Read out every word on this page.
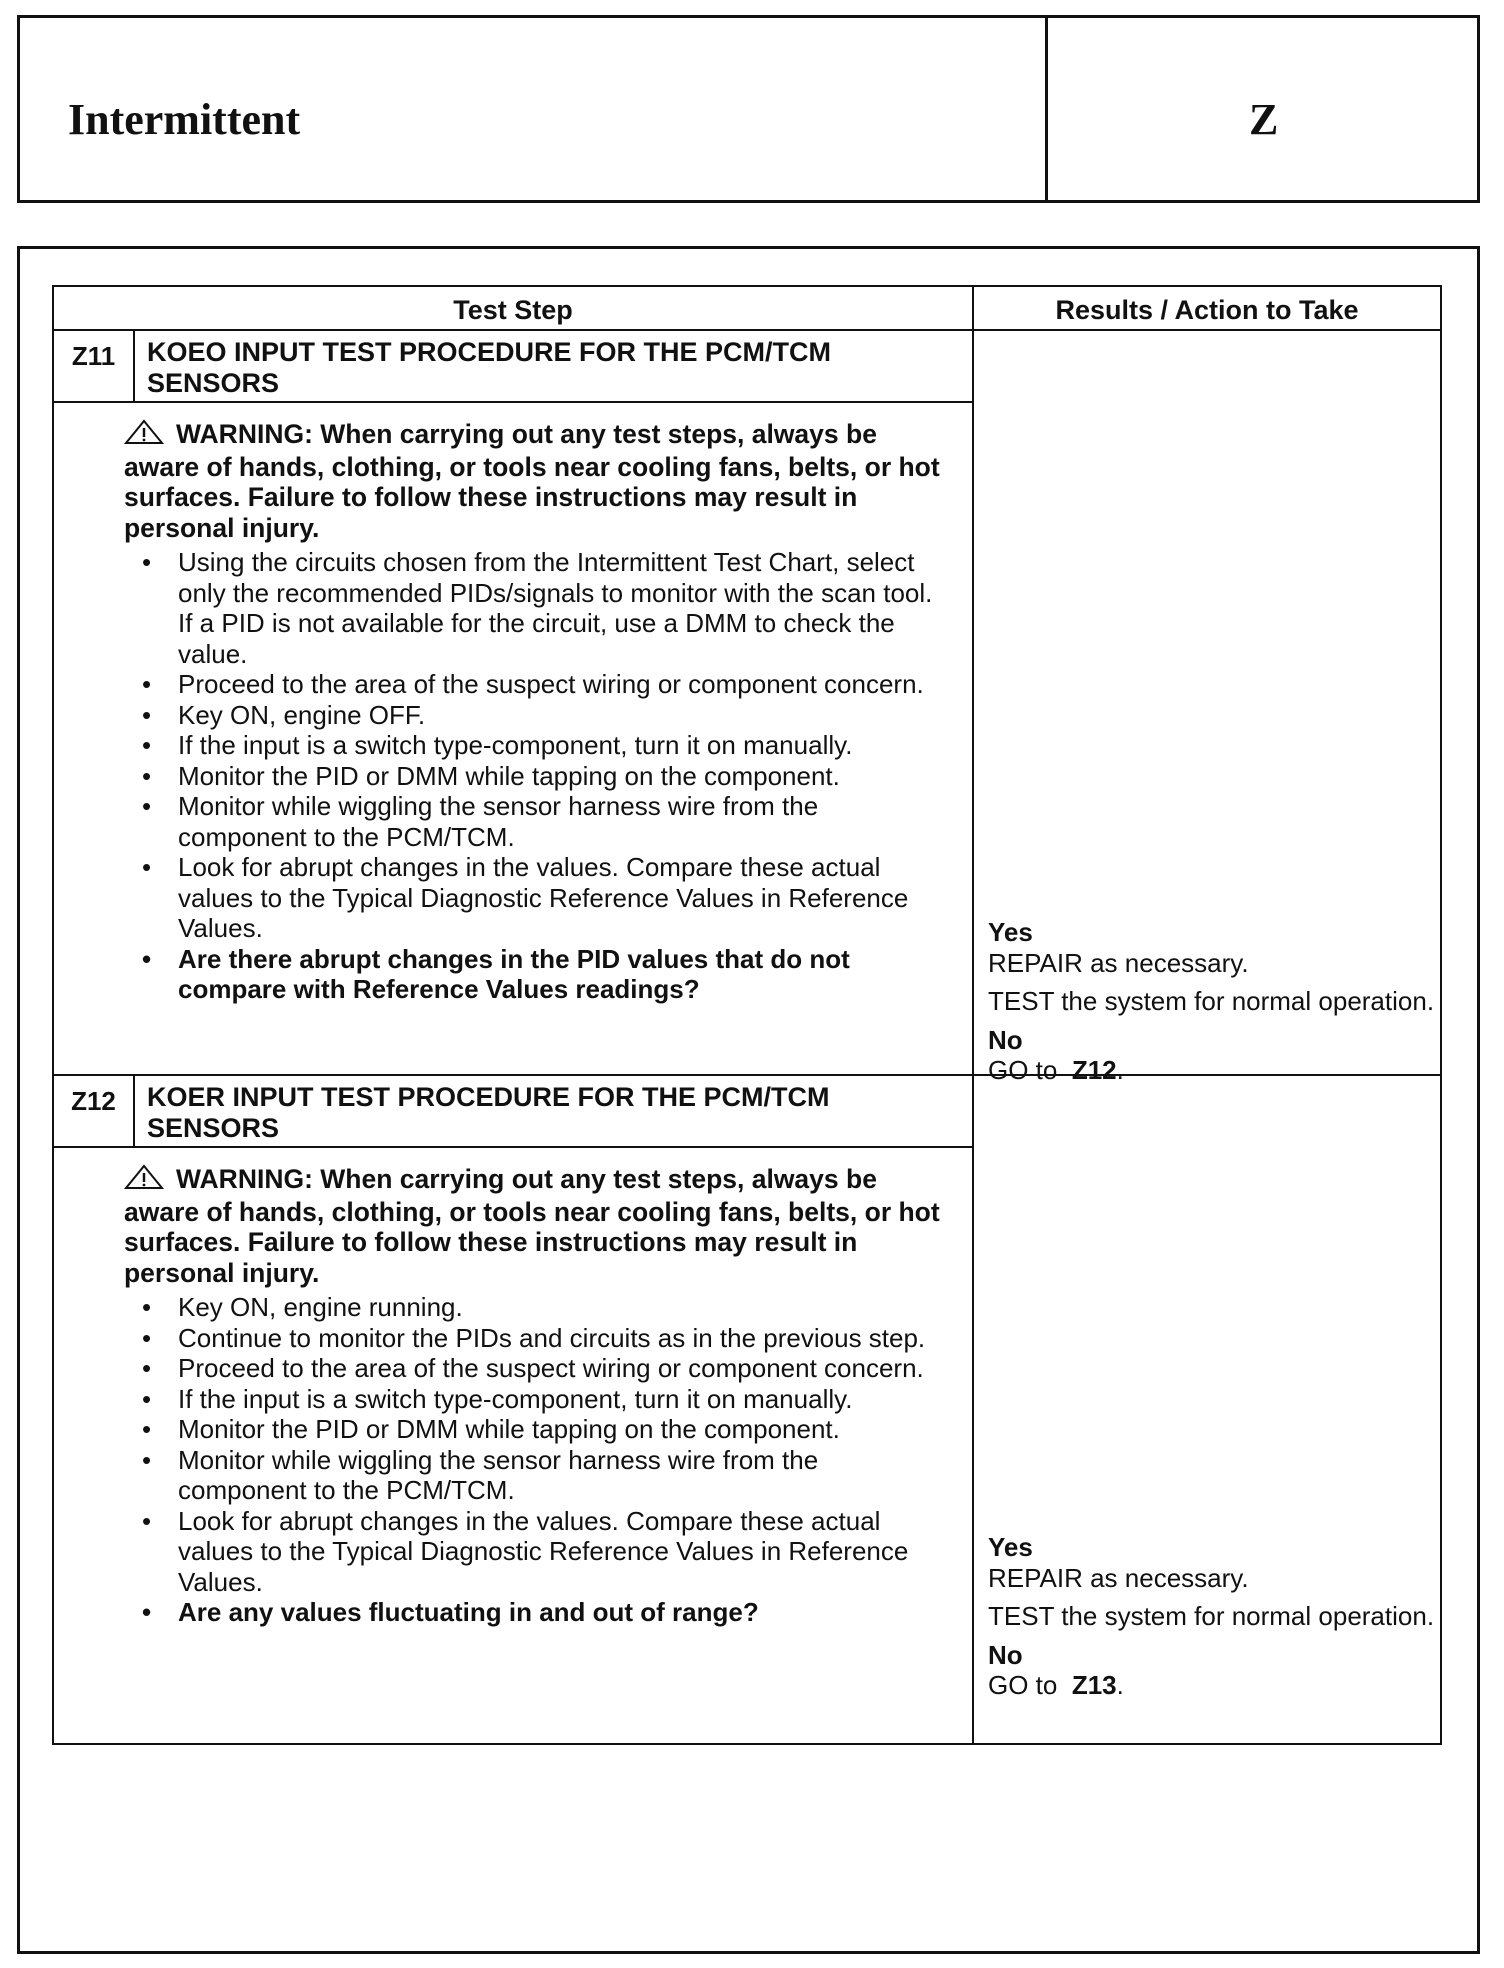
Intermittent	Z
Test Step	Results / Action to Take
Z11	KOEO INPUT TEST PROCEDURE FOR THE PCM/TCM SENSORS
WARNING: When carrying out any test steps, always be aware of hands, clothing, or tools near cooling fans, belts, or hot surfaces. Failure to follow these instructions may result in personal injury.
• Using the circuits chosen from the Intermittent Test Chart, select only the recommended PIDs/signals to monitor with the scan tool. If a PID is not available for the circuit, use a DMM to check the value.
• Proceed to the area of the suspect wiring or component concern.
• Key ON, engine OFF.
• If the input is a switch type-component, turn it on manually.
• Monitor the PID or DMM while tapping on the component.
• Monitor while wiggling the sensor harness wire from the component to the PCM/TCM.
• Look for abrupt changes in the values. Compare these actual values to the Typical Diagnostic Reference Values in Reference Values.
• Are there abrupt changes in the PID values that do not compare with Reference Values readings?
Yes
REPAIR as necessary.
TEST the system for normal operation.
No
GO to Z12.
Z12	KOER INPUT TEST PROCEDURE FOR THE PCM/TCM SENSORS
WARNING: When carrying out any test steps, always be aware of hands, clothing, or tools near cooling fans, belts, or hot surfaces. Failure to follow these instructions may result in personal injury.
• Key ON, engine running.
• Continue to monitor the PIDs and circuits as in the previous step.
• Proceed to the area of the suspect wiring or component concern.
• If the input is a switch type-component, turn it on manually.
• Monitor the PID or DMM while tapping on the component.
• Monitor while wiggling the sensor harness wire from the component to the PCM/TCM.
• Look for abrupt changes in the values. Compare these actual values to the Typical Diagnostic Reference Values in Reference Values.
• Are any values fluctuating in and out of range?
Yes
REPAIR as necessary.
TEST the system for normal operation.
No
GO to Z13.
